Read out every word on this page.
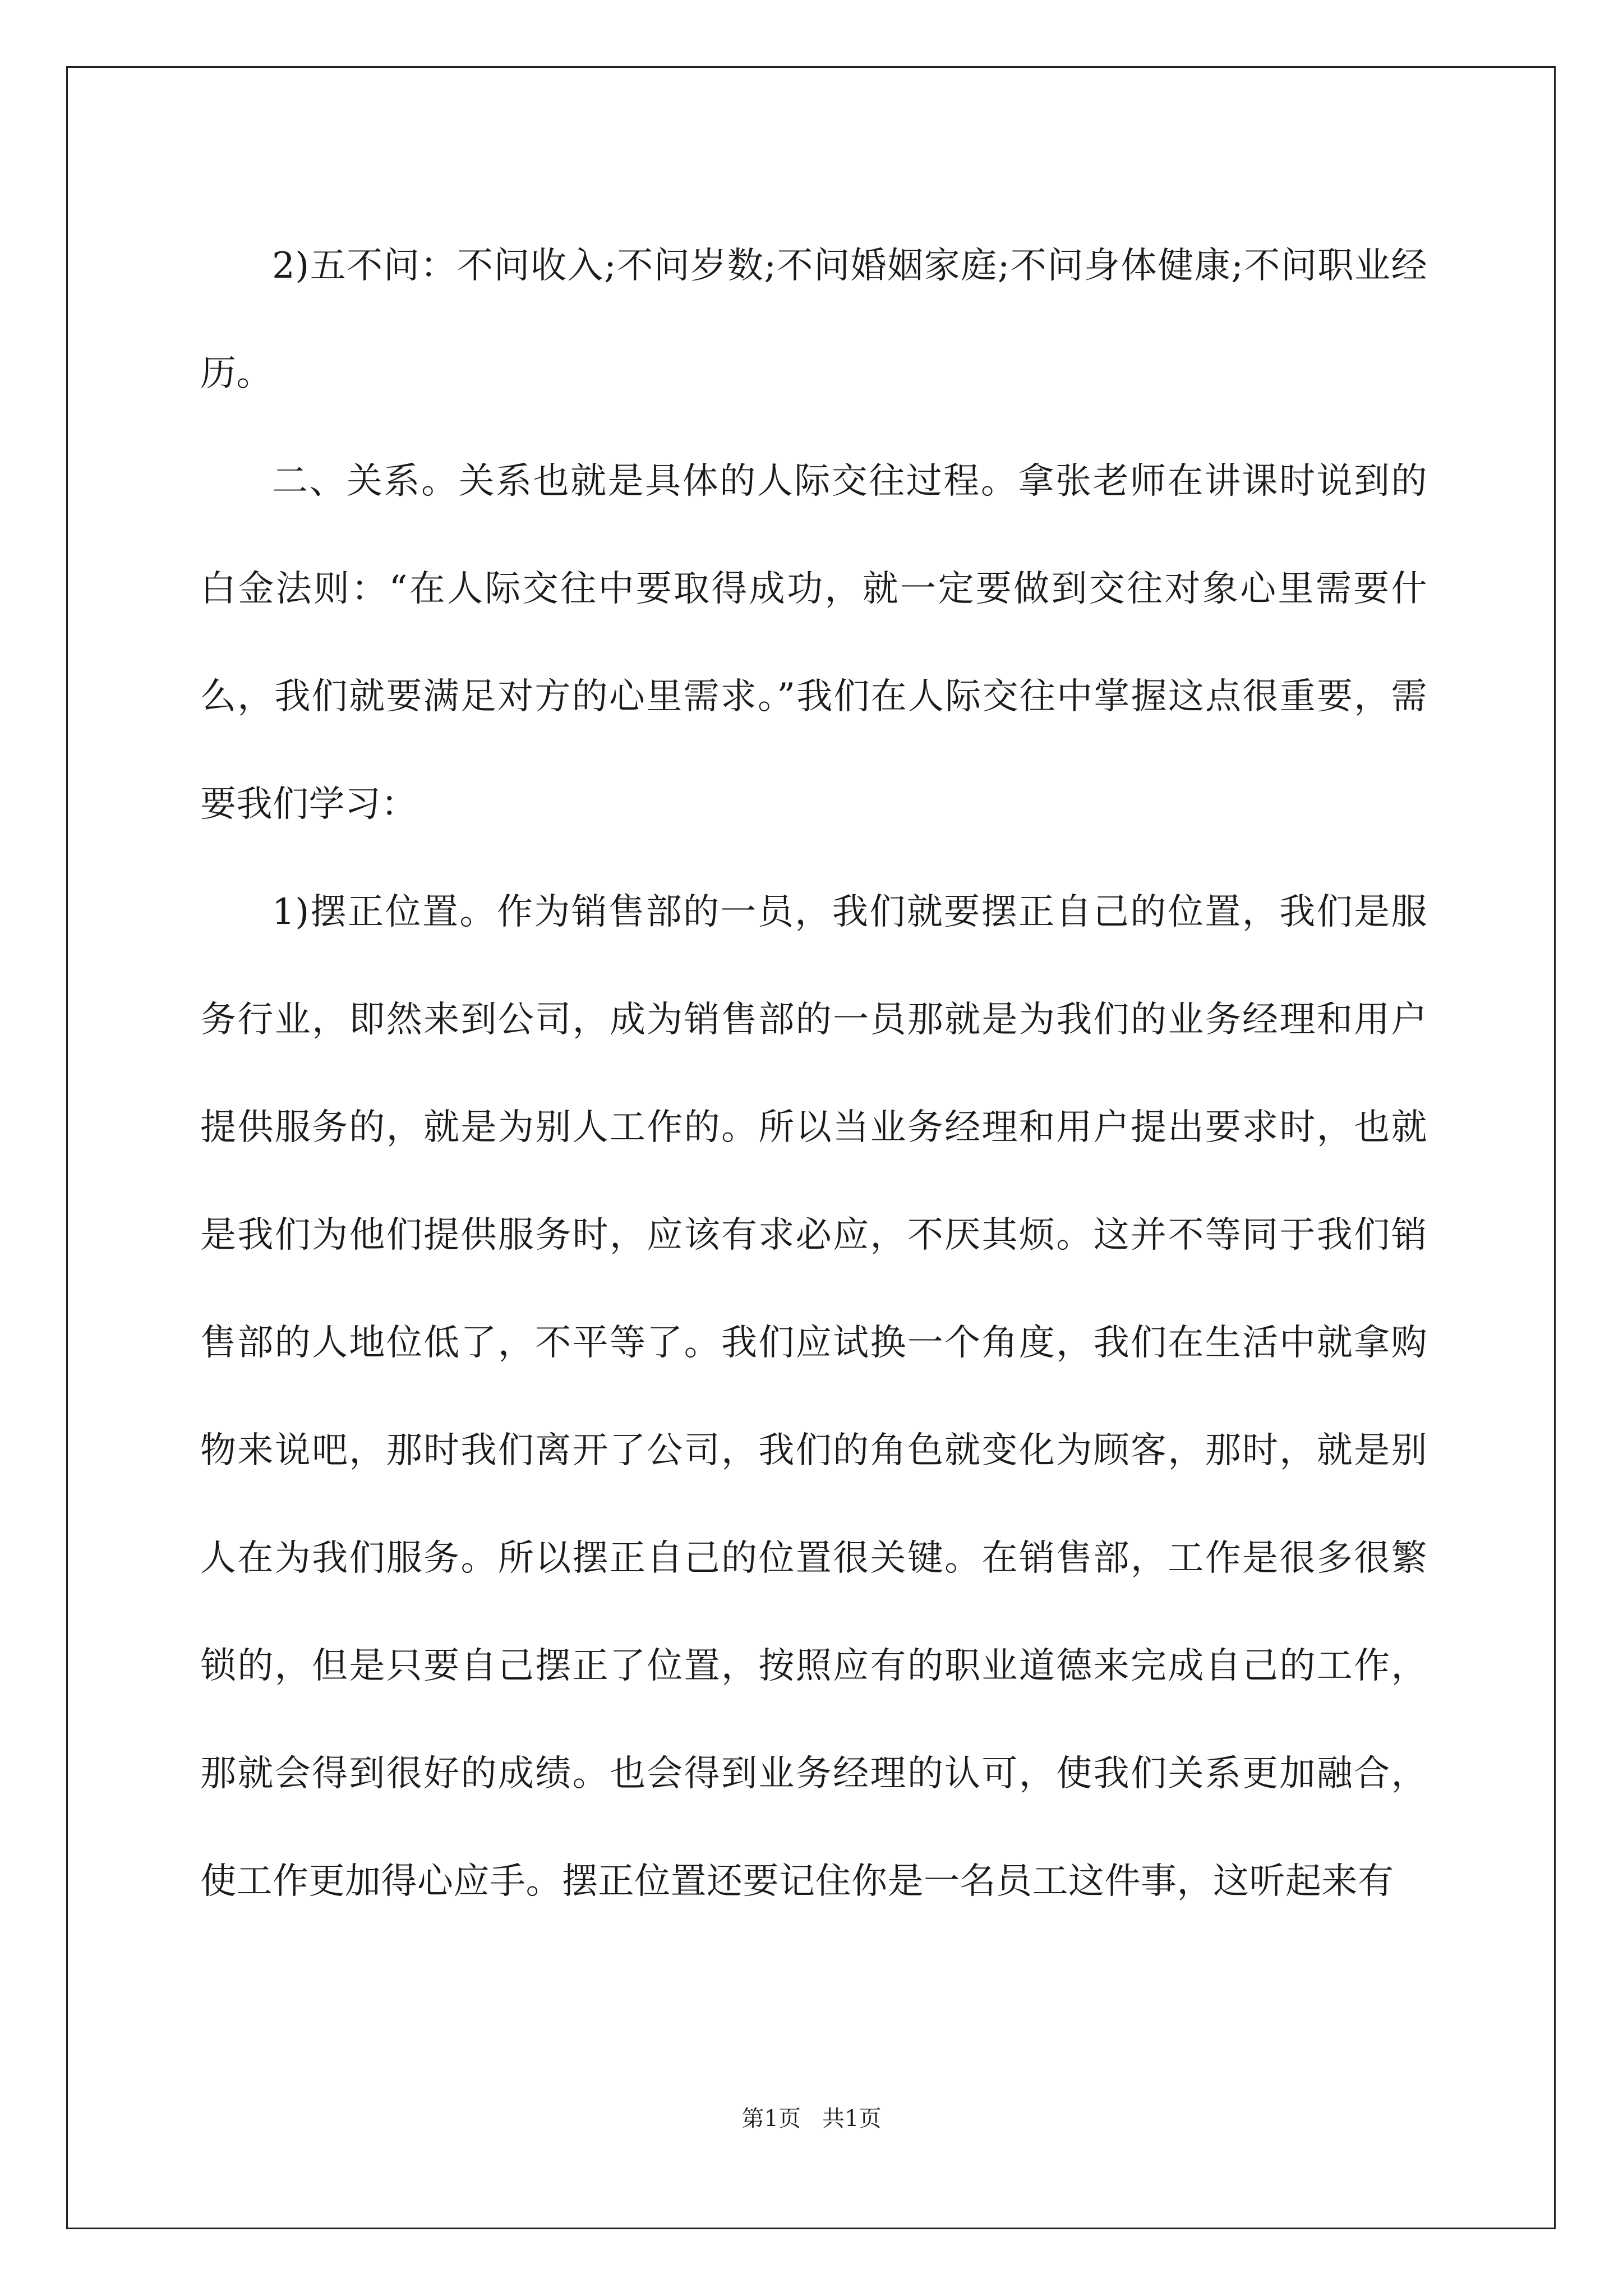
2)五不问：不问收入;不问岁数;不问婚姻家庭;不问身体健康;不问职业经历。

二、关系。关系也就是具体的人际交往过程。拿张老师在讲课时说到的白金法则：“在人际交往中要取得成功，就一定要做到交往对象心里需要什么，我们就要满足对方的心里需求。”我们在人际交往中掌握这点很重要，需要我们学习：

1)摆正位置。作为销售部的一员，我们就要摆正自己的位置，我们是服务行业，即然来到公司，成为销售部的一员那就是为我们的业务经理和用户提供服务的，就是为别人工作的。所以当业务经理和用户提出要求时，也就是我们为他们提供服务时，应该有求必应，不厌其烦。这并不等同于我们销售部的人地位低了，不平等了。我们应试换一个角度，我们在生活中就拿购物来说吧，那时我们离开了公司，我们的角色就变化为顾客，那时，就是别人在为我们服务。所以摆正自己的位置很关键。在销售部，工作是很多很繁锁的，但是只要自己摆正了位置，按照应有的职业道德来完成自己的工作，那就会得到很好的成绩。也会得到业务经理的认可，使我们关系更加融合，使工作更加得心应手。摆正位置还要记住你是一名员工这件事，这听起来有

第1页   共1页
